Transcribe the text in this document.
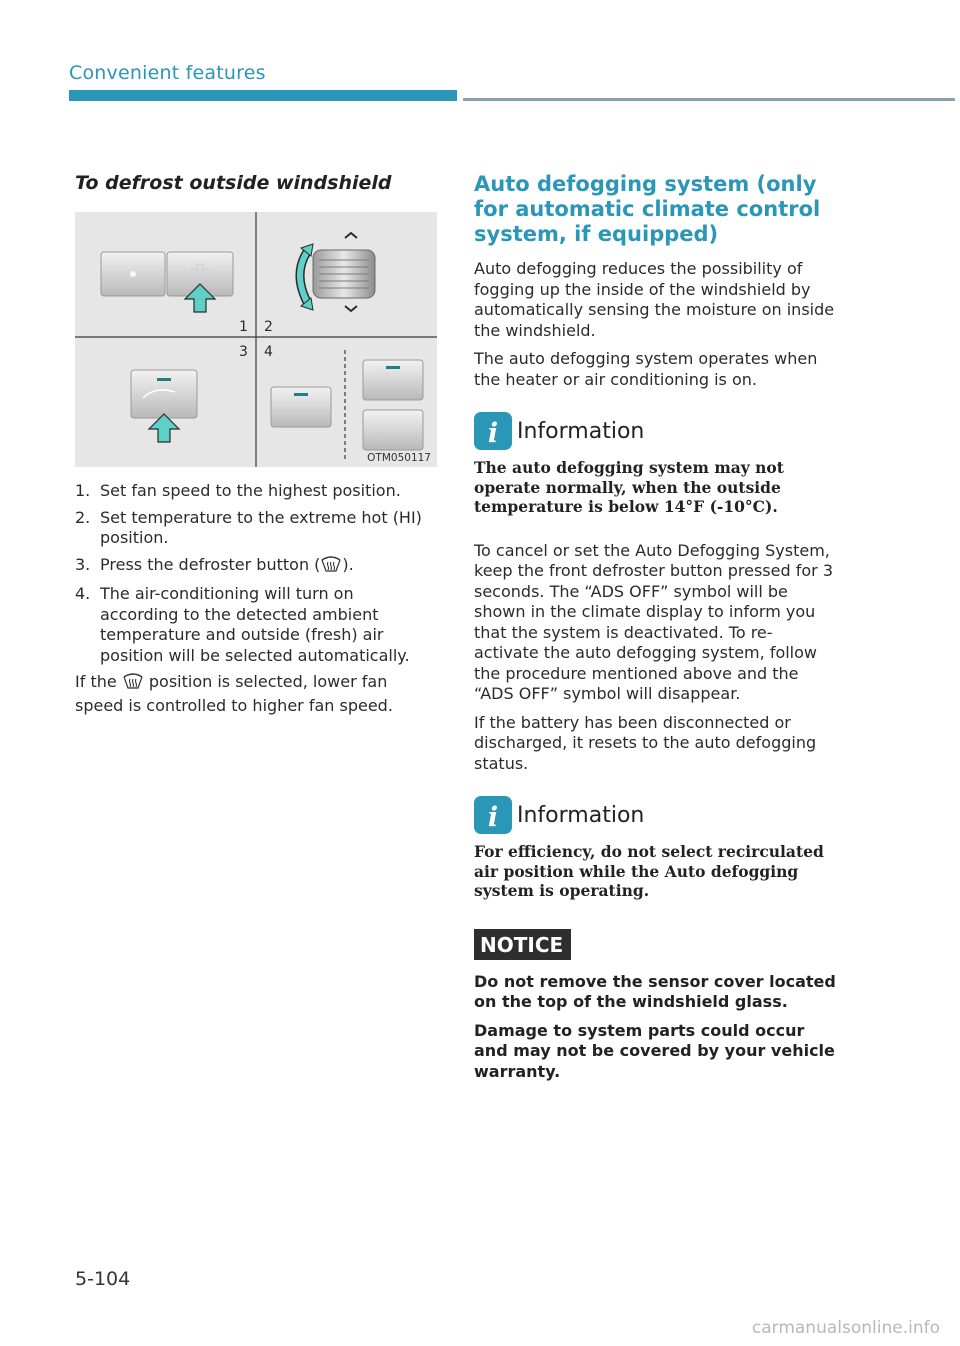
Convenient features
To defrost outside windshield
1 2
3 4
OTM050117
1. Set fan speed to the highest position.
2. Set temperature to the extreme hot (HI) position.
3. Press the defroster button ( ).
4. The air-conditioning will turn on according to the detected ambient temperature and outside (fresh) air position will be selected automatically.

If the position is selected, lower fan speed is controlled to higher fan speed.

Auto defogging system (only for automatic climate control system, if equipped)

Auto defogging reduces the possibility of fogging up the inside of the windshield by automatically sensing the moisture on inside the windshield.

The auto defogging system operates when the heater or air conditioning is on.

i Information

The auto defogging system may not operate normally, when the outside temperature is below 14°F (-10°C).

To cancel or set the Auto Defogging System, keep the front defroster button pressed for 3 seconds. The “ADS OFF” symbol will be shown in the climate display to inform you that the system is deactivated. To re-activate the auto defogging system, follow the procedure mentioned above and the “ADS OFF” symbol will disappear.

If the battery has been disconnected or discharged, it resets to the auto defogging status.

i Information

For efficiency, do not select recirculated air position while the Auto defogging system is operating.

NOTICE

Do not remove the sensor cover located on the top of the windshield glass.

Damage to system parts could occur and may not be covered by your vehicle warranty.

5-104
carmanualsonline.info
